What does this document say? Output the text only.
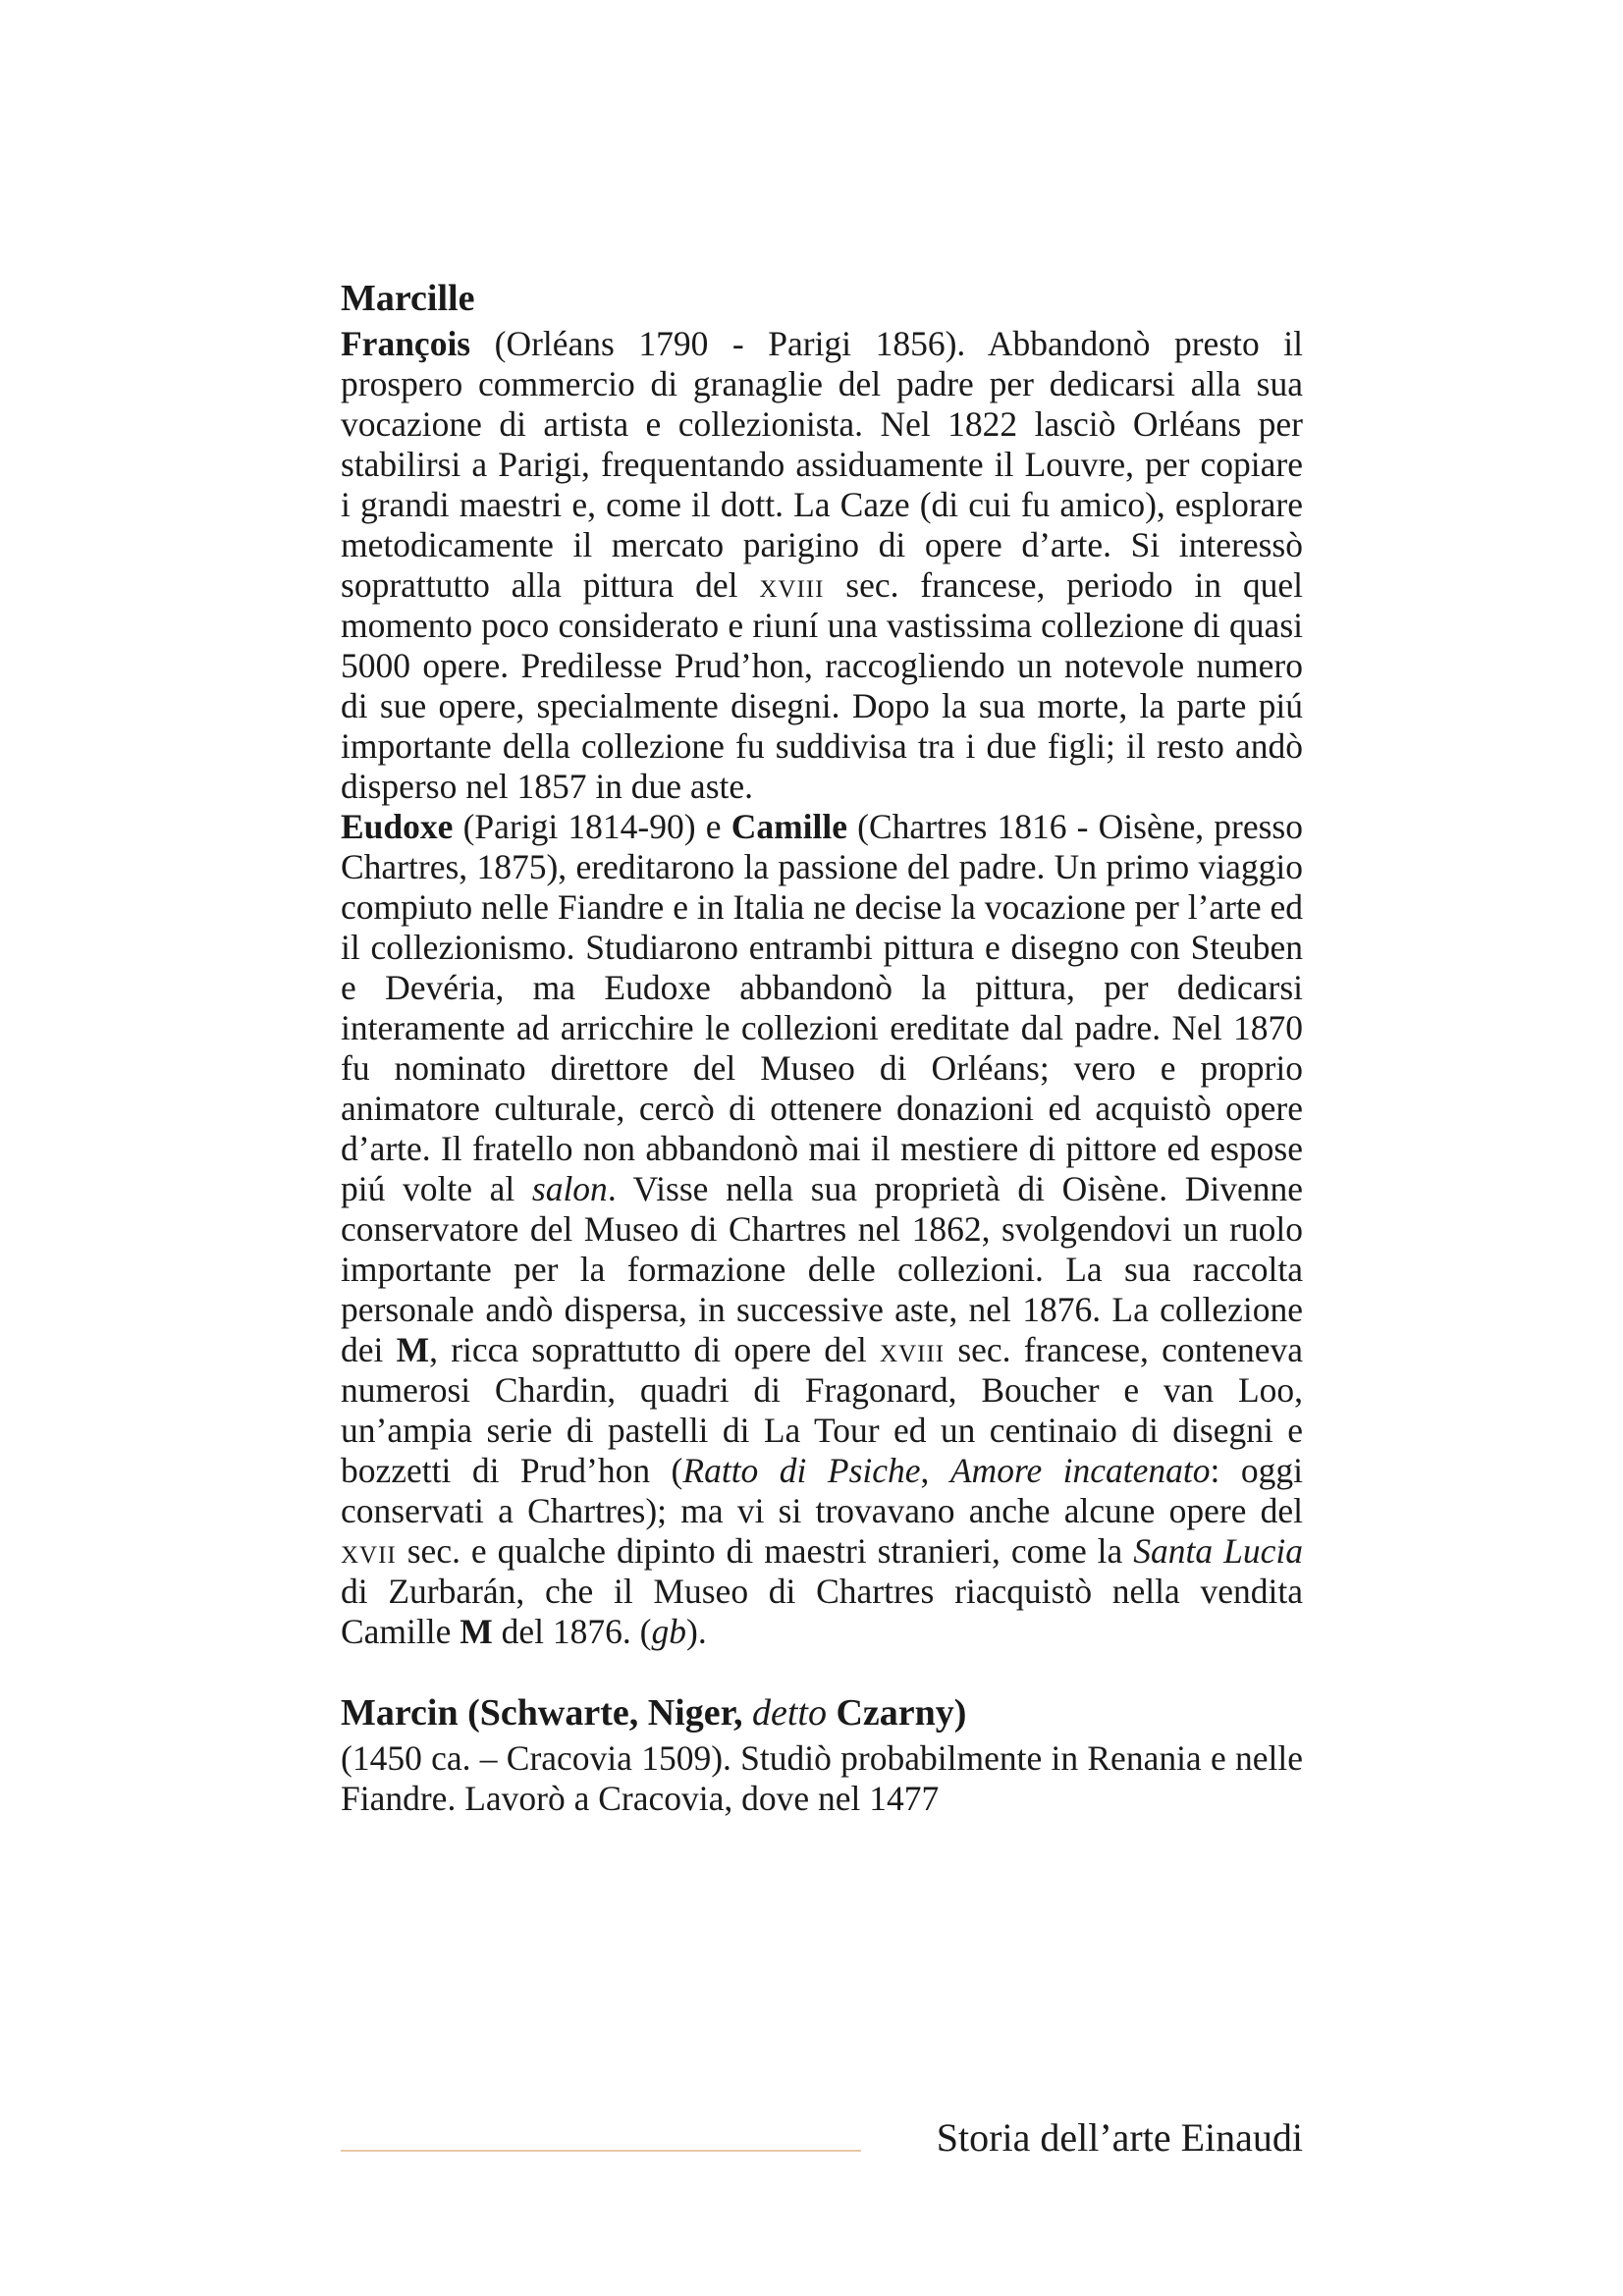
Marcille

François (Orléans 1790 - Parigi 1856). Abbandonò presto il prospero commercio di granaglie del padre per dedicarsi alla sua vocazione di artista e collezionista. Nel 1822 lasciò Orléans per stabilirsi a Parigi, frequentando assiduamente il Louvre, per copiare i grandi maestri e, come il dott. La Caze (di cui fu amico), esplorare metodicamente il mercato parigino di opere d’arte. Si interessò soprattutto alla pittura del xviii sec. francese, periodo in quel momento poco considerato e riuní una vastissima collezione di quasi 5000 opere. Predilesse Prud’hon, raccogliendo un notevole numero di sue opere, specialmente disegni. Dopo la sua morte, la parte piú importante della collezione fu suddivisa tra i due figli; il resto andò disperso nel 1857 in due aste.

Eudoxe (Parigi 1814-90) e Camille (Chartres 1816 - Oisène, presso Chartres, 1875), ereditarono la passione del padre. Un primo viaggio compiuto nelle Fiandre e in Italia ne decise la vocazione per l’arte ed il collezionismo. Studiarono entrambi pittura e disegno con Steuben e Devéria, ma Eudoxe abbandonò la pittura, per dedicarsi interamente ad arricchire le collezioni ereditate dal padre. Nel 1870 fu nominato direttore del Museo di Orléans; vero e proprio animatore culturale, cercò di ottenere donazioni ed acquistò opere d’arte. Il fratello non abbandonò mai il mestiere di pittore ed espose piú volte al salon. Visse nella sua proprietà di Oisène. Divenne conservatore del Museo di Chartres nel 1862, svolgendovi un ruolo importante per la formazione delle collezioni. La sua raccolta personale andò dispersa, in successive aste, nel 1876. La collezione dei M, ricca soprattutto di opere del xviii sec. francese, conteneva numerosi Chardin, quadri di Fragonard, Boucher e van Loo, un’ampia serie di pastelli di La Tour ed un centinaio di disegni e bozzetti di Prud’hon (Ratto di Psiche, Amore incatenato: oggi conservati a Chartres); ma vi si trovavano anche alcune opere del xvii sec. e qualche dipinto di maestri stranieri, come la Santa Lucia di Zurbarán, che il Museo di Chartres riacquistò nella vendita Camille M del 1876. (gb).

Marcin (Schwarte, Niger, detto Czarny)

(1450 ca. – Cracovia 1509). Studiò probabilmente in Renania e nelle Fiandre. Lavorò a Cracovia, dove nel 1477

Storia dell’arte Einaudi
